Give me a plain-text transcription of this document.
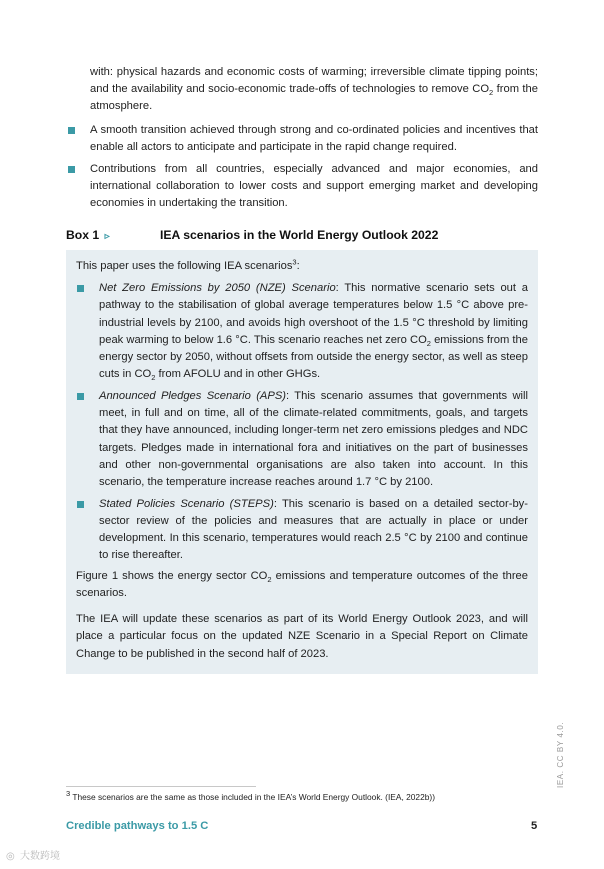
with: physical hazards and economic costs of warming; irreversible climate tipping points; and the availability and socio-economic trade-offs of technologies to remove $CO_2$ from the atmosphere.
A smooth transition achieved through strong and co-ordinated policies and incentives that enable all actors to anticipate and participate in the rapid change required.
Contributions from all countries, especially advanced and major economies, and international collaboration to lower costs and support emerging market and developing economies in undertaking the transition.
Box 1 ▹	IEA scenarios in the World Energy Outlook 2022
This paper uses the following IEA scenarios$^3$:
Net Zero Emissions by 2050 (NZE) Scenario: This normative scenario sets out a pathway to the stabilisation of global average temperatures below 1.5 °C above pre-industrial levels by 2100, and avoids high overshoot of the 1.5 °C threshold by limiting peak warming to below 1.6 °C. This scenario reaches net zero $CO_2$ emissions from the energy sector by 2050, without offsets from outside the energy sector, as well as steep cuts in $CO_2$ from AFOLU and in other GHGs.
Announced Pledges Scenario (APS): This scenario assumes that governments will meet, in full and on time, all of the climate-related commitments, goals, and targets that they have announced, including longer-term net zero emissions pledges and NDC targets. Pledges made in international fora and initiatives on the part of businesses and other non-governmental organisations are also taken into account. In this scenario, the temperature increase reaches around 1.7 °C by 2100.
Stated Policies Scenario (STEPS): This scenario is based on a detailed sector-by-sector review of the policies and measures that are actually in place or under development. In this scenario, temperatures would reach 2.5 °C by 2100 and continue to rise thereafter.
Figure 1 shows the energy sector $CO_2$ emissions and temperature outcomes of the three scenarios.
The IEA will update these scenarios as part of its World Energy Outlook 2023, and will place a particular focus on the updated NZE Scenario in a Special Report on Climate Change to be published in the second half of 2023.
$^3$ These scenarios are the same as those included in the IEA’s World Energy Outlook. (IEA, 2022b))
Credible pathways to 1.5 C	5
IEA. CC BY 4.0.
◎ 大数跨境
